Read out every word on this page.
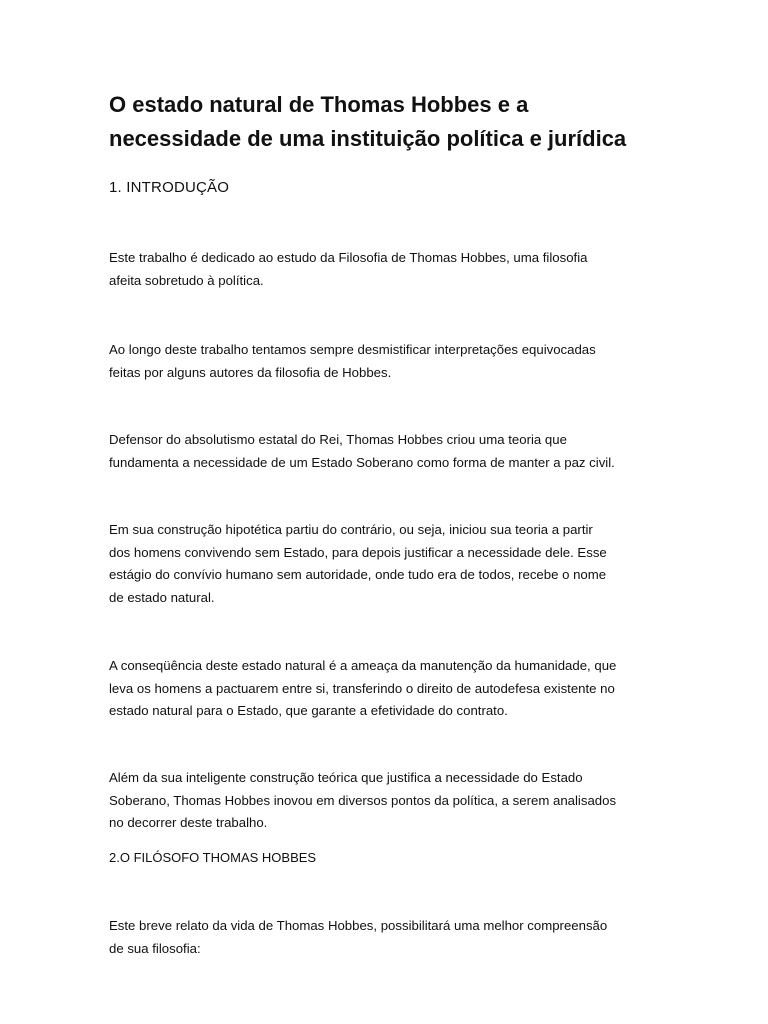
O estado natural de Thomas Hobbes e a
necessidade de uma instituição política e jurídica
1. INTRODUÇÃO

Este trabalho é dedicado ao estudo da Filosofia de Thomas Hobbes, uma filosofia
afeita sobretudo à política.

Ao longo deste trabalho tentamos sempre desmistificar interpretações equivocadas
feitas por alguns autores da filosofia de Hobbes.

Defensor do absolutismo estatal do Rei, Thomas Hobbes criou uma teoria que
fundamenta a necessidade de um Estado Soberano como forma de manter a paz civil.

Em sua construção hipotética partiu do contrário, ou seja, iniciou sua teoria a partir
dos homens convivendo sem Estado, para depois justificar a necessidade dele. Esse
estágio do convívio humano sem autoridade, onde tudo era de todos, recebe o nome
de estado natural.

A conseqüência deste estado natural é a ameaça da manutenção da humanidade, que
leva os homens a pactuarem entre si, transferindo o direito de autodefesa existente no
estado natural para o Estado, que garante a efetividade do contrato.

Além da sua inteligente construção teórica que justifica a necessidade do Estado
Soberano, Thomas Hobbes inovou em diversos pontos da política, a serem analisados
no decorrer deste trabalho.

2.O FILÓSOFO THOMAS HOBBES

Este breve relato da vida de Thomas Hobbes, possibilitará uma melhor compreensão
de sua filosofia:
